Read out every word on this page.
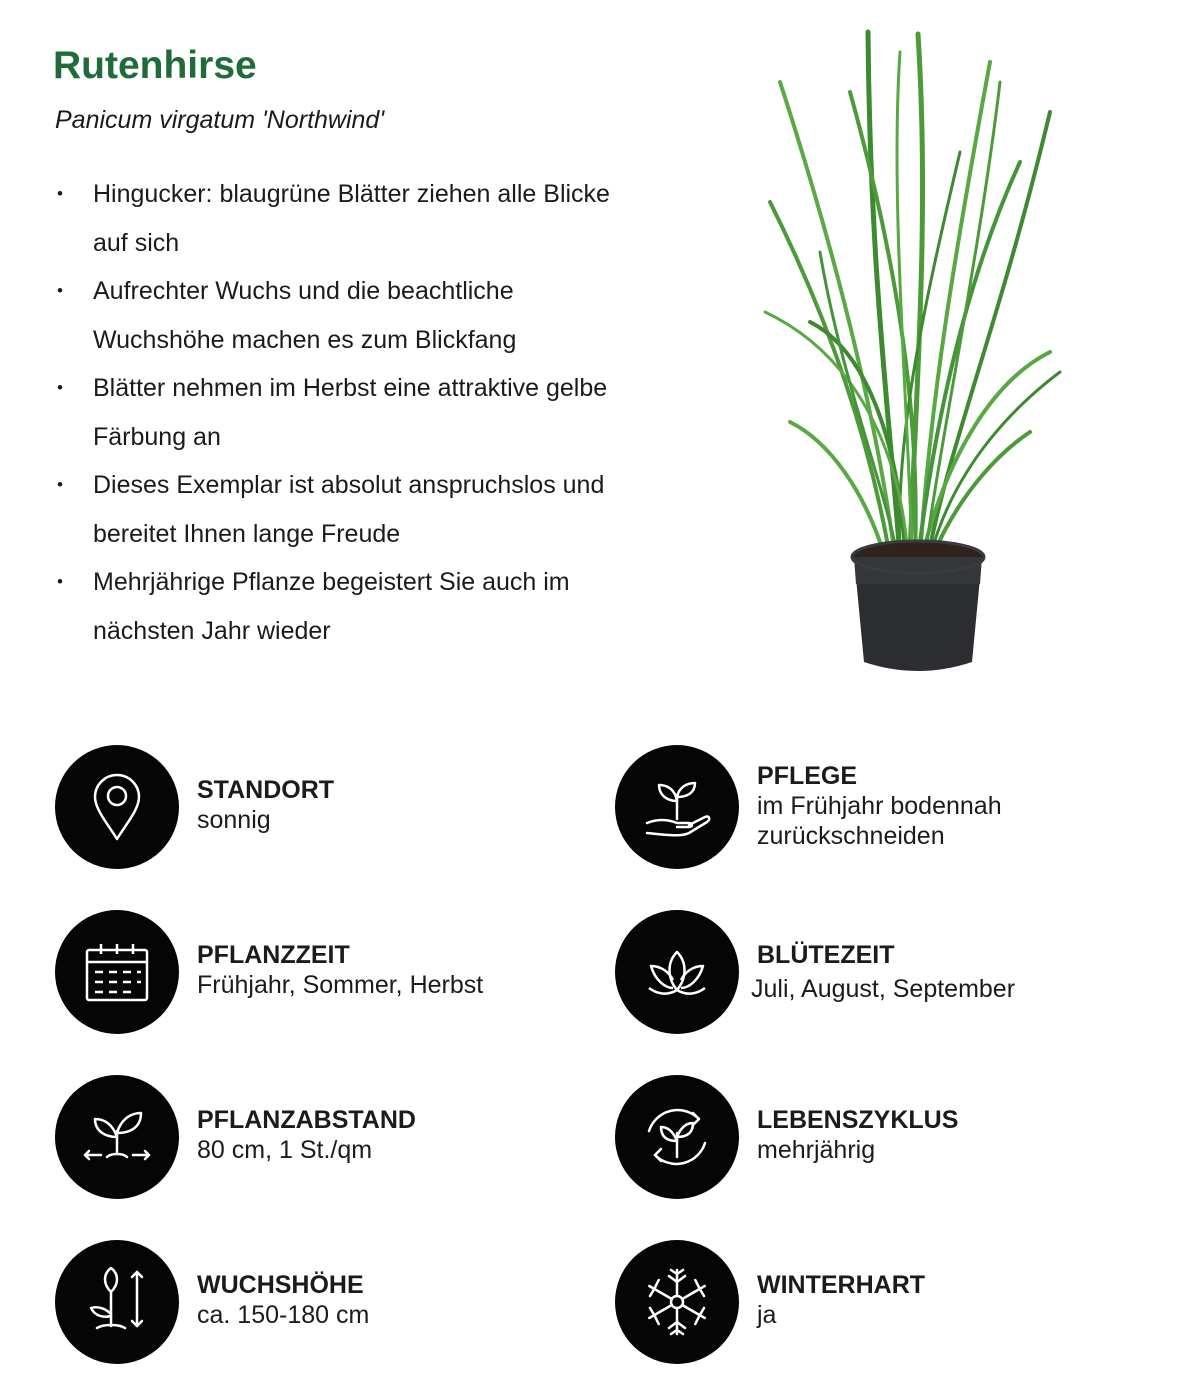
Rutenhirse

Panicum virgatum 'Northwind'

• Hingucker: blaugrüne Blätter ziehen alle Blicke auf sich
• Aufrechter Wuchs und die beachtliche Wuchshöhe machen es zum Blickfang
• Blätter nehmen im Herbst eine attraktive gelbe Färbung an
• Dieses Exemplar ist absolut anspruchslos und bereitet Ihnen lange Freude
• Mehrjährige Pflanze begeistert Sie auch im nächsten Jahr wieder
STANDORT
sonnig
PFLEGE
im Frühjahr bodennah zurückschneiden
PFLANZZEIT
Frühjahr, Sommer, Herbst
BLÜTEZEIT
Juli, August, September
PFLANZABSTAND
80 cm, 1 St./qm
LEBENSZYKLUS
mehrjährig
WUCHSHÖHE
ca. 150-180 cm
WINTERHART
ja
